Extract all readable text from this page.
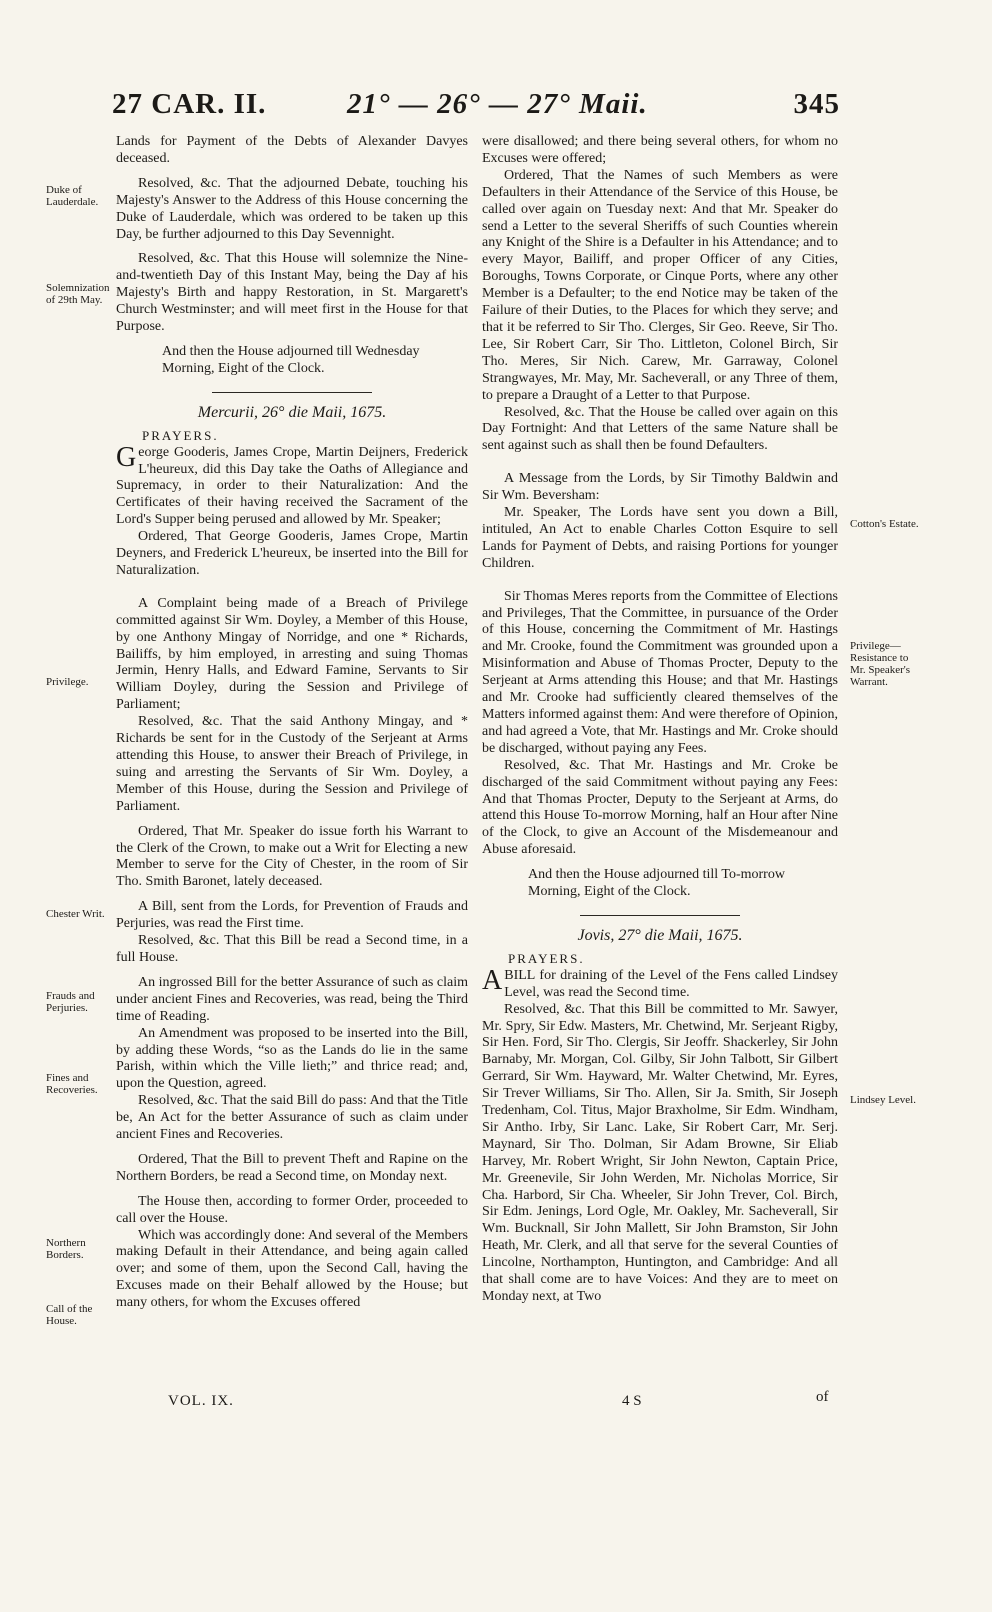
27 CAR. II.	21° — 26° — 27° Maii.	345

Lands for Payment of the Debts of Alexander Davyes deceased.

Resolved, &c. That the adjourned Debate, touching his Majesty's Answer to the Address of this House concerning the Duke of Lauderdale, which was ordered to be taken up this Day, be further adjourned to this Day Sevennight.

Resolved, &c. That this House will solemnize the Nine-and-twentieth Day of this Instant May, being the Day af his Majesty's Birth and happy Restoration, in St. Margarett's Church Westminster; and will meet first in the House for that Purpose.

And then the House adjourned till Wednesday Morning, Eight of the Clock.

Mercurii, 26° die Maii, 1675.

PRAYERS.

George Gooderis, James Crope, Martin Deijners, Frederick L'heureux, did this Day take the Oaths of Allegiance and Supremacy, in order to their Naturalization: And the Certificates of their having received the Sacrament of the Lord's Supper being perused and allowed by Mr. Speaker;

Ordered, That George Gooderis, James Crope, Martin Deyners, and Frederick L'heureux, be inserted into the Bill for Naturalization.

A Complaint being made of a Breach of Privilege committed against Sir Wm. Doyley, a Member of this House, by one Anthony Mingay of Norridge, and one * Richards, Bailiffs, by him employed, in arresting and suing Thomas Jermin, Henry Halls, and Edward Famine, Servants to Sir William Doyley, during the Session and Privilege of Parliament;

Resolved, &c. That the said Anthony Mingay, and * Richards be sent for in the Custody of the Serjeant at Arms attending this House, to answer their Breach of Privilege, in suing and arresting the Servants of Sir Wm. Doyley, a Member of this House, during the Session and Privilege of Parliament.

Ordered, That Mr. Speaker do issue forth his Warrant to the Clerk of the Crown, to make out a Writ for Electing a new Member to serve for the City of Chester, in the room of Sir Tho. Smith Baronet, lately deceased.

A Bill, sent from the Lords, for Prevention of Frauds and Perjuries, was read the First time.

Resolved, &c. That this Bill be read a Second time, in a full House.

An ingrossed Bill for the better Assurance of such as claim under ancient Fines and Recoveries, was read, being the Third time of Reading.

An Amendment was proposed to be inserted into the Bill, by adding these Words, “so as the Lands do lie in the same Parish, within which the Ville lieth;” and thrice read; and, upon the Question, agreed.

Resolved, &c. That the said Bill do pass: And that the Title be, An Act for the better Assurance of such as claim under ancient Fines and Recoveries.

Ordered, That the Bill to prevent Theft and Rapine on the Northern Borders, be read a Second time, on Monday next.

The House then, according to former Order, proceeded to call over the House.

Which was accordingly done: And several of the Members making Default in their Attendance, and being again called over; and some of them, upon the Second Call, having the Excuses made on their Behalf allowed by the House; but many others, for whom the Excuses offered

were disallowed; and there being several others, for whom no Excuses were offered;

Ordered, That the Names of such Members as were Defaulters in their Attendance of the Service of this House, be called over again on Tuesday next: And that Mr. Speaker do send a Letter to the several Sheriffs of such Counties wherein any Knight of the Shire is a Defaulter in his Attendance; and to every Mayor, Bailiff, and proper Officer of any Cities, Boroughs, Towns Corporate, or Cinque Ports, where any other Member is a Defaulter; to the end Notice may be taken of the Failure of their Duties, to the Places for which they serve; and that it be referred to Sir Tho. Clerges, Sir Geo. Reeve, Sir Tho. Lee, Sir Robert Carr, Sir Tho. Littleton, Colonel Birch, Sir Tho. Meres, Sir Nich. Carew, Mr. Garraway, Colonel Strangwayes, Mr. May, Mr. Sacheverall, or any Three of them, to prepare a Draught of a Letter to that Purpose.

Resolved, &c. That the House be called over again on this Day Fortnight: And that Letters of the same Nature shall be sent against such as shall then be found Defaulters.

A Message from the Lords, by Sir Timothy Baldwin and Sir Wm. Beversham:

Mr. Speaker, The Lords have sent you down a Bill, intituled, An Act to enable Charles Cotton Esquire to sell Lands for Payment of Debts, and raising Portions for younger Children.

Sir Thomas Meres reports from the Committee of Elections and Privileges, That the Committee, in pursuance of the Order of this House, concerning the Commitment of Mr. Hastings and Mr. Crooke, found the Commitment was grounded upon a Misinformation and Abuse of Thomas Procter, Deputy to the Serjeant at Arms attending this House; and that Mr. Hastings and Mr. Crooke had sufficiently cleared themselves of the Matters informed against them: And were therefore of Opinion, and had agreed a Vote, that Mr. Hastings and Mr. Croke should be discharged, without paying any Fees.

Resolved, &c. That Mr. Hastings and Mr. Croke be discharged of the said Commitment without paying any Fees: And that Thomas Procter, Deputy to the Serjeant at Arms, do attend this House To-morrow Morning, half an Hour after Nine of the Clock, to give an Account of the Misdemeanour and Abuse aforesaid.

And then the House adjourned till To-morrow Morning, Eight of the Clock.

Jovis, 27° die Maii, 1675.

PRAYERS.

ABILL for draining of the Level of the Fens called Lindsey Level, was read the Second time.

Resolved, &c. That this Bill be committed to Mr. Sawyer, Mr. Spry, Sir Edw. Masters, Mr. Chetwind, Mr. Serjeant Rigby, Sir Hen. Ford, Sir Tho. Clergis, Sir Jeoffr. Shackerley, Sir John Barnaby, Mr. Morgan, Col. Gilby, Sir John Talbott, Sir Gilbert Gerrard, Sir Wm. Hayward, Mr. Walter Chetwind, Mr. Eyres, Sir Trever Williams, Sir Tho. Allen, Sir Ja. Smith, Sir Joseph Tredenham, Col. Titus, Major Braxholme, Sir Edm. Windham, Sir Antho. Irby, Sir Lanc. Lake, Sir Robert Carr, Mr. Serj. Maynard, Sir Tho. Dolman, Sir Adam Browne, Sir Eliab Harvey, Mr. Robert Wright, Sir John Newton, Captain Price, Mr. Greenevile, Sir John Werden, Mr. Nicholas Morrice, Sir Cha. Harbord, Sir Cha. Wheeler, Sir John Trever, Col. Birch, Sir Edm. Jenings, Lord Ogle, Mr. Oakley, Mr. Sacheverall, Sir Wm. Bucknall, Sir John Mallett, Sir John Bramston, Sir John Heath, Mr. Clerk, and all that serve for the several Counties of Lincolne, Northampton, Huntington, and Cambridge: And all that shall come are to have Voices: And they are to meet on Monday next, at Two

Duke of Lauderdale.
Solemnization of 29th May.
Privilege.
Chester Writ.
Frauds and Perjuries.
Fines and Recoveries.
Northern Borders.
Call of the House.
Cotton's Estate.
Privilege—Resistance to Mr. Speaker's Warrant.
Lindsey Level.
VOL. IX.	4 S	of
